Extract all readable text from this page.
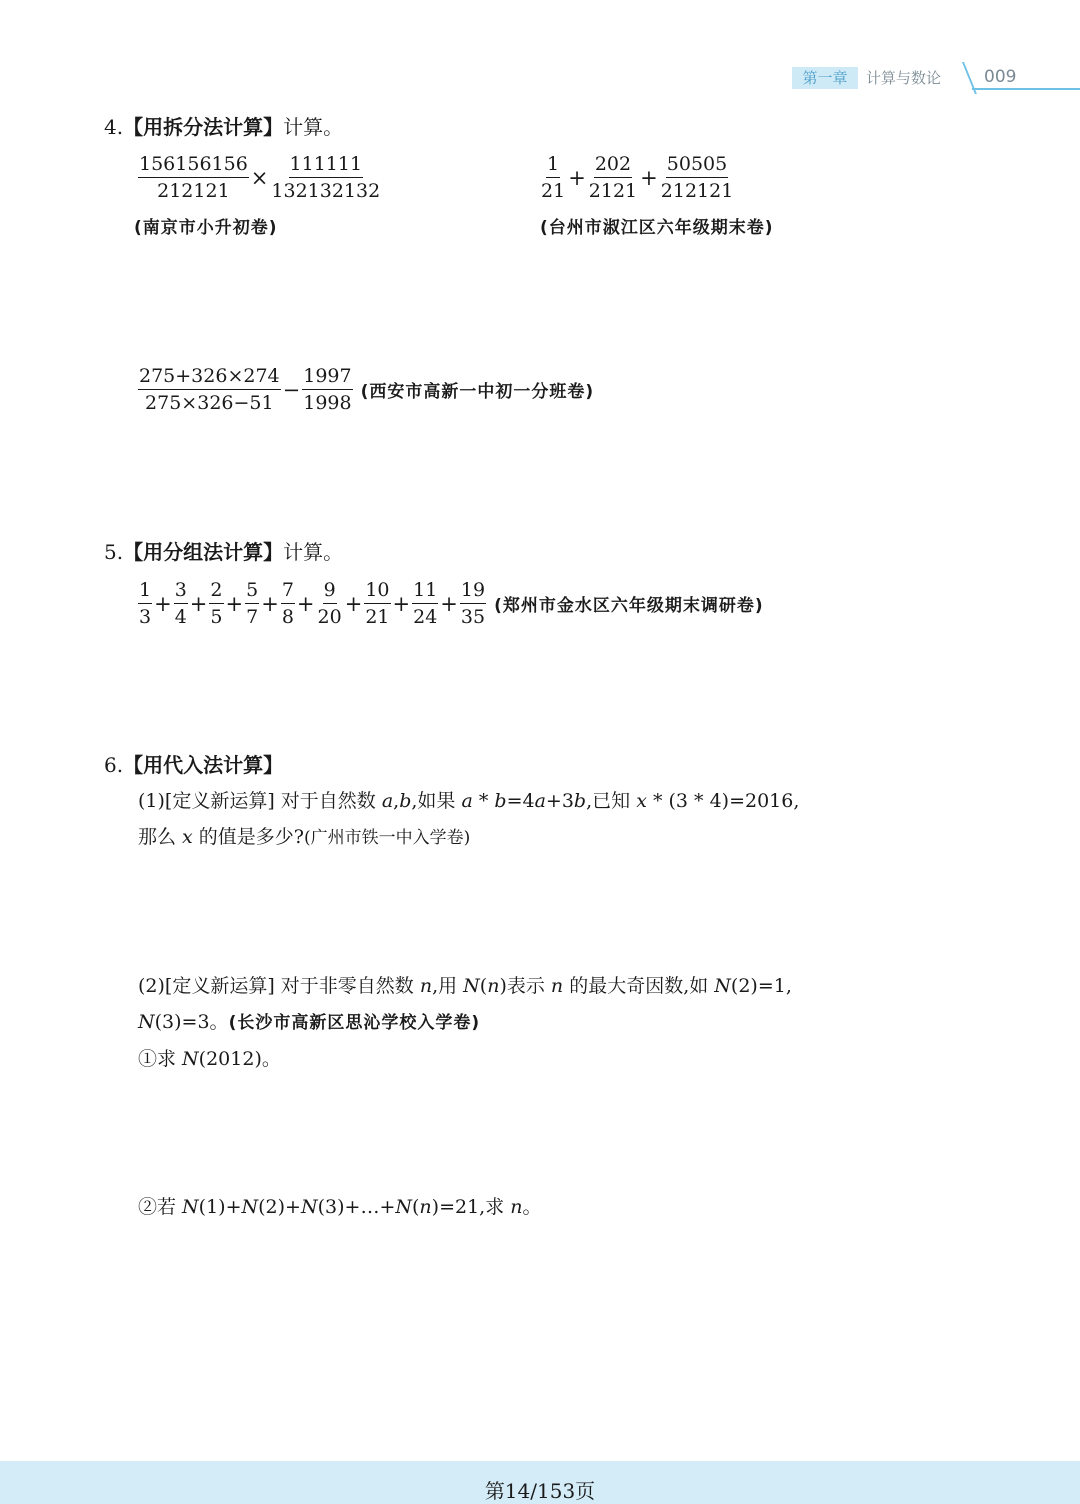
第一章	计算与数论	009
4.【用拆分法计算】计算。
$\frac{156156156}{212121} \times \frac{111111}{132132132}$
(南京市小升初卷)
$\frac{1}{21} + \frac{202}{2121} + \frac{50505}{212121}$
(台州市淑江区六年级期末卷)
$\frac{275+326\times 274}{275\times 326-51} - \frac{1997}{1998}$ (西安市高新一中初一分班卷)
5.【用分组法计算】计算。
$\frac{1}{3} + \frac{3}{4} + \frac{2}{5} + \frac{5}{7} + \frac{7}{8} + \frac{9}{20} + \frac{10}{21} + \frac{11}{24} + \frac{19}{35}$ (郑州市金水区六年级期末调研卷)
6.【用代入法计算】
(1)[定义新运算] 对于自然数 a,b,如果 a * b=4a+3b,已知 x * (3 * 4)=2016,
那么 x 的值是多少?(广州市铁一中入学卷)
(2)[定义新运算] 对于非零自然数 n,用 N(n)表示 n 的最大奇因数,如 N(2)=1,
N(3)=3。(长沙市高新区思沁学校入学卷)
①求 N(2012)。
②若 N(1)+N(2)+N(3)+…+N(n)=21,求 n。
第14/153页
